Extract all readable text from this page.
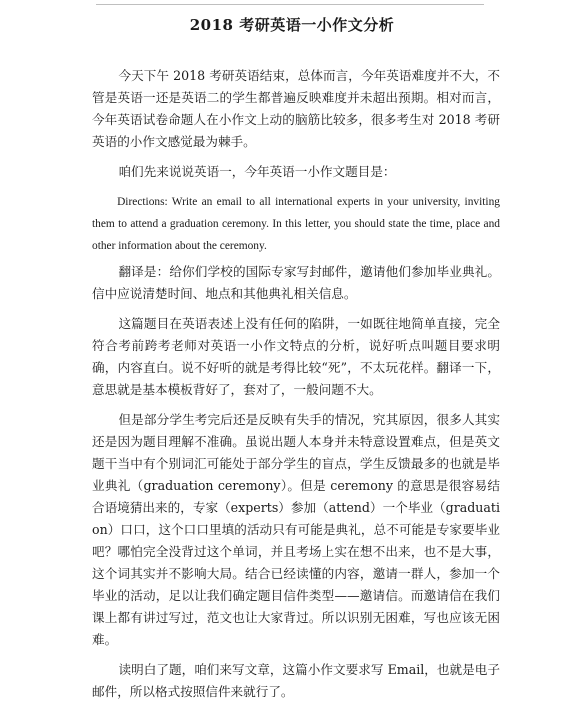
2018 考研英语一小作文分析

今天下午 2018 考研英语结束，总体而言，今年英语难度并不大，不管是英语一还是英语二的学生都普遍反映难度并未超出预期。相对而言，今年英语试卷命题人在小作文上动的脑筋比较多，很多考生对 2018 考研英语的小作文感觉最为棘手。

咱们先来说说英语一，今年英语一小作文题目是：

Directions: Write an email to all international experts in your university, inviting them to attend a graduation ceremony. In this letter, you should state the time, place and other information about the ceremony.

翻译是：给你们学校的国际专家写封邮件，邀请他们参加毕业典礼。信中应说清楚时间、地点和其他典礼相关信息。

这篇题目在英语表述上没有任何的陷阱，一如既往地简单直接，完全符合考前跨考老师对英语一小作文特点的分析，说好听点叫题目要求明确，内容直白。说不好听的就是考得比较“死”，不太玩花样。翻译一下，意思就是基本模板背好了，套对了，一般问题不大。

但是部分学生考完后还是反映有失手的情况，究其原因，很多人其实还是因为题目理解不准确。虽说出题人本身并未特意设置难点，但是英文题干当中有个别词汇可能处于部分学生的盲点，学生反馈最多的也就是毕业典礼（graduation ceremony）。但是 ceremony 的意思是很容易结合语境猜出来的，专家（experts）参加（attend）一个毕业（graduation）口口，这个口口里填的活动只有可能是典礼，总不可能是专家要毕业吧？哪怕完全没背过这个单词，并且考场上实在想不出来，也不是大事，这个词其实并不影响大局。结合已经读懂的内容，邀请一群人，参加一个毕业的活动，足以让我们确定题目信件类型——邀请信。而邀请信在我们课上都有讲过写过，范文也让大家背过。所以识别无困难，写也应该无困难。

读明白了题，咱们来写文章，这篇小作文要求写 Email，也就是电子邮件，所以格式按照信件来就行了。
